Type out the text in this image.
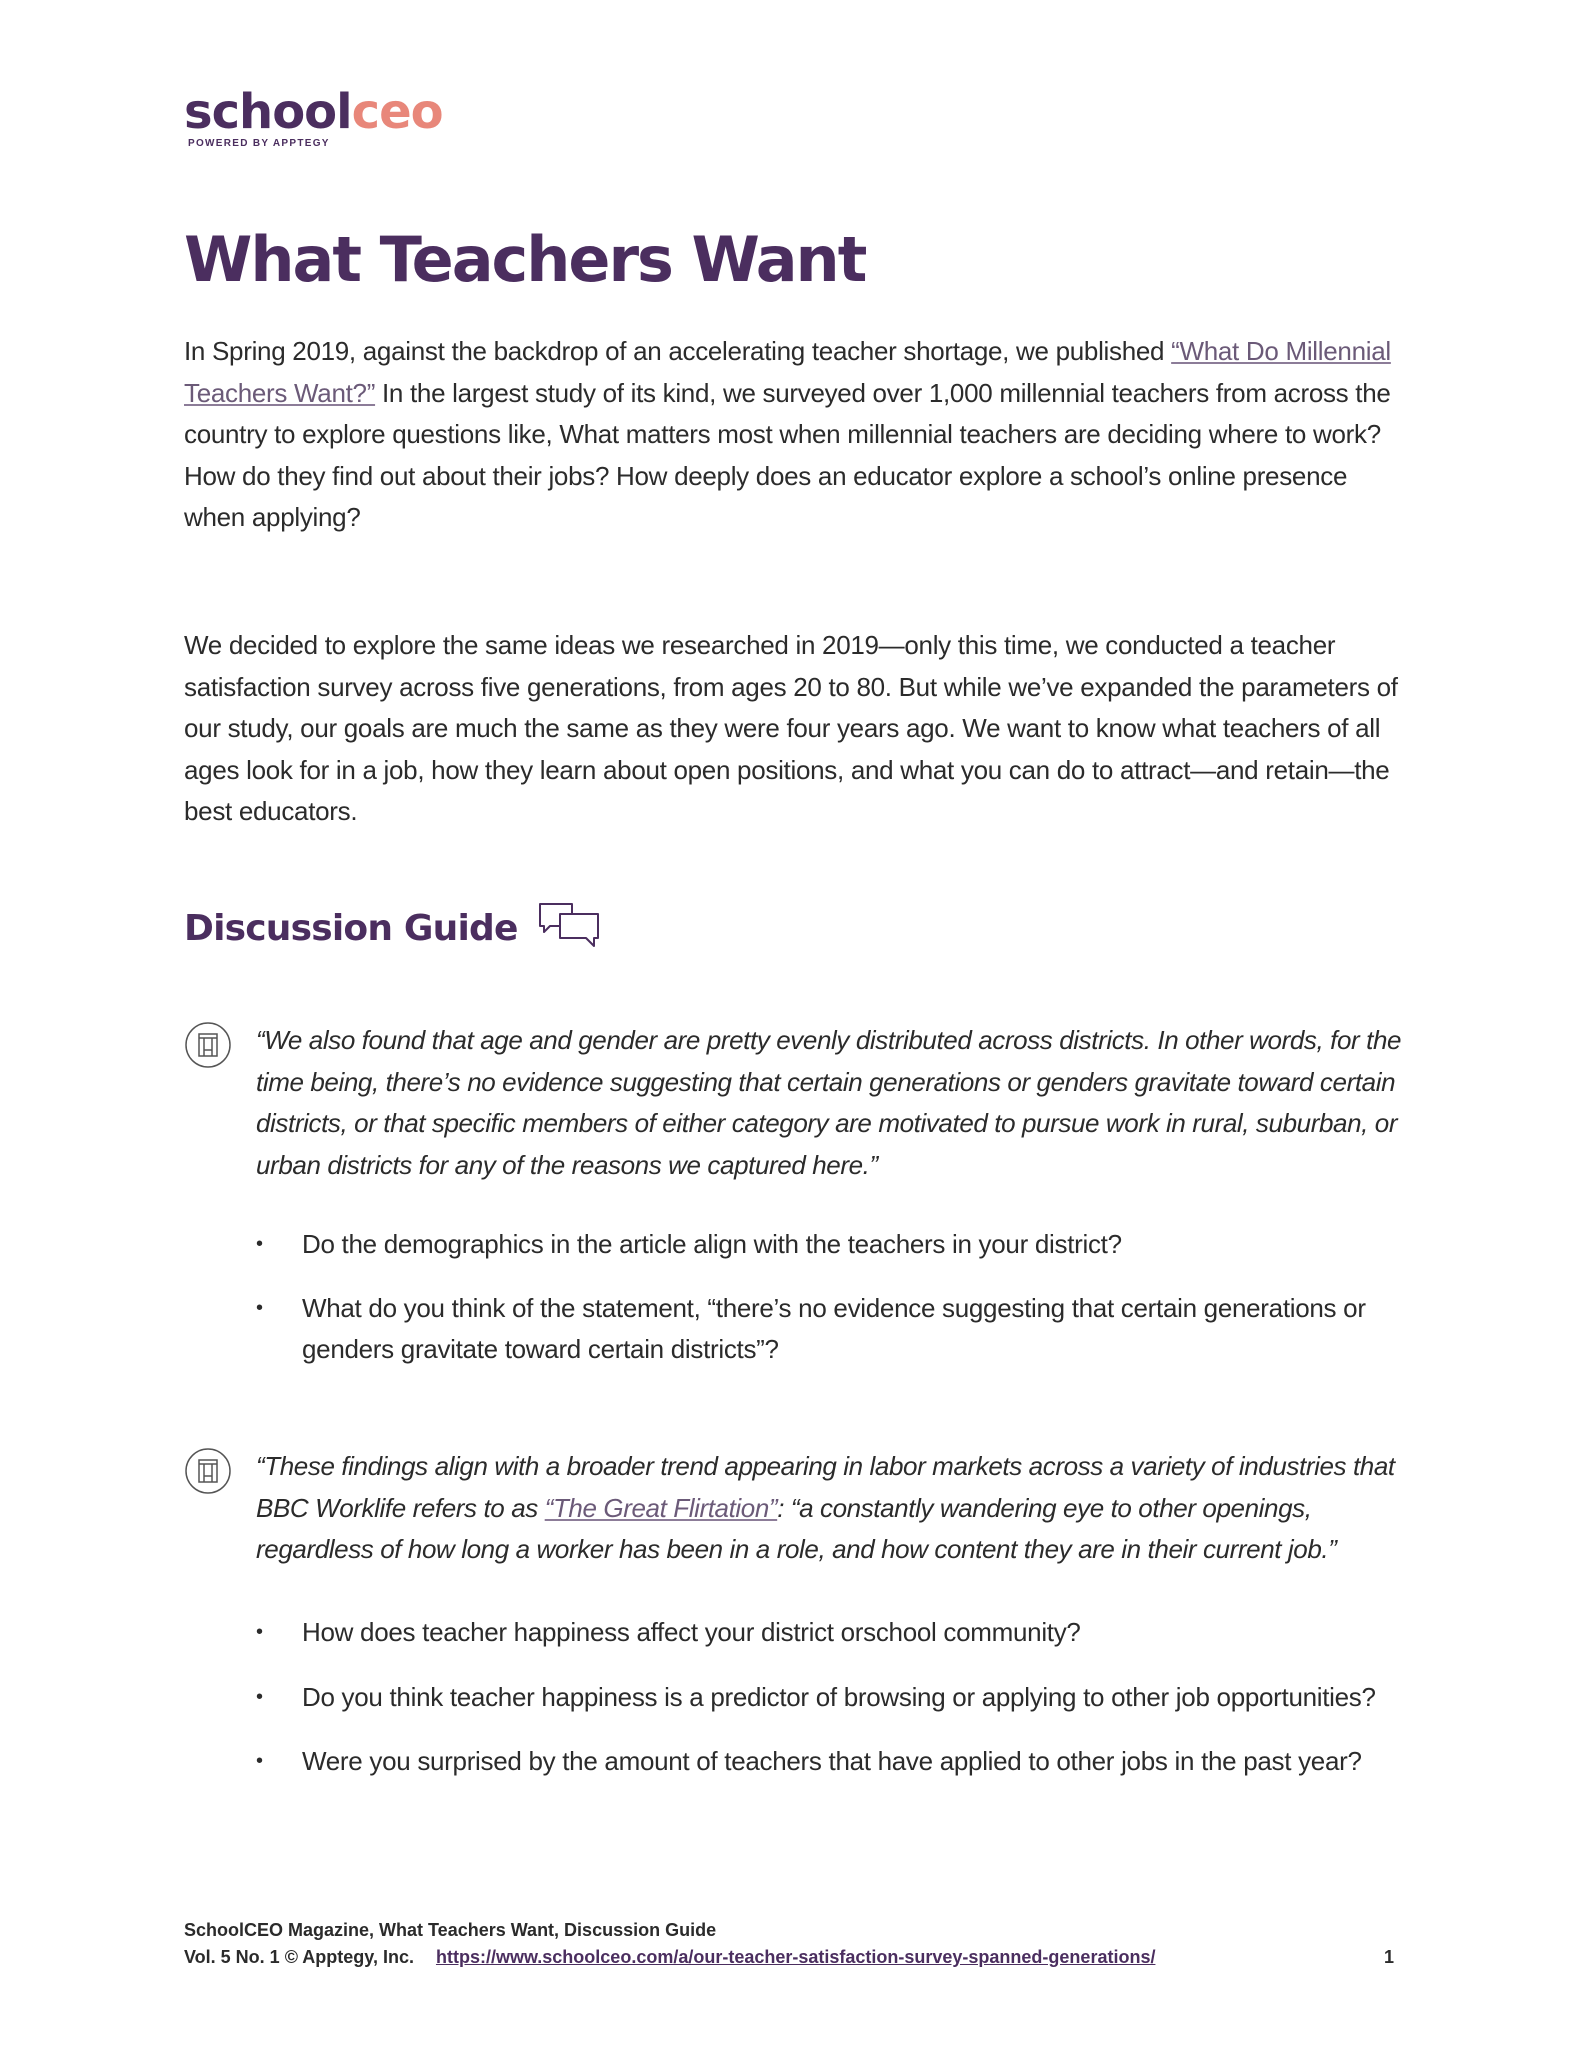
schoolceo
POWERED BY APPTEGY
What Teachers Want

In Spring 2019, against the backdrop of an accelerating teacher shortage, we published “What Do Millennial Teachers Want?” In the largest study of its kind, we surveyed over 1,000 millennial teachers from across the country to explore questions like, What matters most when millennial teachers are deciding where to work? How do they find out about their jobs? How deeply does an educator explore a school’s online presence when applying?

We decided to explore the same ideas we researched in 2019—only this time, we conducted a teacher satisfaction survey across five generations, from ages 20 to 80. But while we’ve expanded the parameters of our study, our goals are much the same as they were four years ago. We want to know what teachers of all ages look for in a job, how they learn about open positions, and what you can do to attract—and retain—the best educators.

Discussion Guide

“We also found that age and gender are pretty evenly distributed across districts. In other words, for the time being, there’s no evidence suggesting that certain generations or genders gravitate toward certain districts, or that specific members of either category are motivated to pursue work in rural, suburban, or urban districts for any of the reasons we captured here.”

• Do the demographics in the article align with the teachers in your district?
• What do you think of the statement, “there’s no evidence suggesting that certain generations or genders gravitate toward certain districts”?

“These findings align with a broader trend appearing in labor markets across a variety of industries that BBC Worklife refers to as “The Great Flirtation”: “a constantly wandering eye to other openings, regardless of how long a worker has been in a role, and how content they are in their current job.”

• How does teacher happiness affect your district orschool community?
• Do you think teacher happiness is a predictor of browsing or applying to other job opportunities?
• Were you surprised by the amount of teachers that have applied to other jobs in the past year?
SchoolCEO Magazine, What Teachers Want, Discussion Guide
Vol. 5 No. 1 © Apptegy, Inc. https://www.schoolceo.com/a/our-teacher-satisfaction-survey-spanned-generations/	1
